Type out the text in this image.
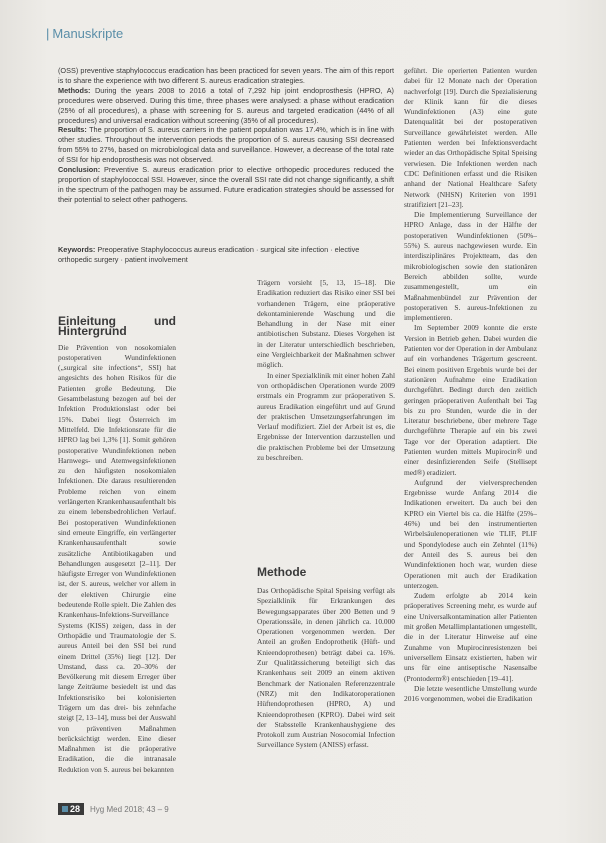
| Manuskripte

(OSS) preventive staphylococcus eradication has been practiced for seven years. The aim of this report is to share the experience with two different S. aureus eradication strategies.

Methods: During the years 2008 to 2016 a total of 7,292 hip joint endoprosthesis (HPRO, A) procedures were observed. During this time, three phases were analysed: a phase without eradication (25% of all procedures), a phase with screening for S. aureus and targeted eradication (44% of all procedures) and universal eradication without screening (35% of all procedures).

Results: The proportion of S. aureus carriers in the patient population was 17.4%, which is in line with other studies. Throughout the intervention periods the proportion of S. aureus causing SSI decreased from 55% to 27%, based on microbiological data and surveillance. However, a decrease of the total rate of SSI for hip endoprosthesis was not observed.

Conclusion: Preventive S. aureus eradication prior to elective orthopedic procedures reduced the proportion of staphylococcal SSI. However, since the overall SSI rate did not change significantly, a shift in the spectrum of the pathogen may be assumed. Future eradication strategies should be assessed for their potential to select other pathogens.

Keywords: Preoperative Staphylococcus aureus eradication · surgical site infection · elective orthopedic surgery · patient involvement
Einleitung und Hintergrund

Die Prävention von nosokomialen postoperativen Wundinfektionen („surgical site infections“, SSI) hat angesichts des hohen Risikos für die Patienten große Bedeutung. Die Gesamtbelastung bezogen auf bei der Infektion Produktionslast oder bei 15%. Dabei liegt Österreich im Mittelfeld. Die Infektionsrate für die HPRO lag bei 1,3% [1]. Somit gehören postoperative Wundinfektionen neben Harnwegs- und Atemwegsinfektionen zu den häufigsten nosokomialen Infektionen. Die daraus resultierenden Probleme reichen von einem verlängerten Krankenhausaufenthalt bis zu einem lebensbedrohlichen Verlauf. Bei postoperativen Wundinfektionen sind erneute Eingriffe, ein verlängerter Krankenhausaufenthalt sowie zusätzliche Antibiotikagaben und Behandlungen ausgesetzt [2–11]. Der häufigste Erreger von Wundinfektionen ist, der S. aureus, welcher vor allem in der elektiven Chirurgie eine bedeutende Rolle spielt. Die Zahlen des Krankenhaus-Infektions-Surveillance Systems (KISS) zeigen, dass in der Orthopädie und Traumatologie der S. aureus Anteil bei den SSI bei rund einem Drittel (35%) liegt [12]. Der Umstand, dass ca. 20–30% der Bevölkerung mit diesem Erreger über lange Zeiträume besiedelt ist und das Infektionsrisiko bei kolonisierten Trägern um das drei- bis zehnfache steigt [2, 13–14], muss bei der Auswahl von präventiven Maßnahmen berücksichtigt werden. Eine dieser Maßnahmen ist die präoperative Eradikation, die die intranasale Reduktion von S. aureus bei bekannten

Trägern vorsieht [5, 13, 15–18]. Die Eradikation reduziert das Risiko einer SSI bei vorhandenen Trägern, eine präoperative dekontaminierende Waschung und die Behandlung in der Nase mit einer antibiotischen Substanz. Dieses Vorgehen ist in der Literatur unterschiedlich beschrieben, eine Vergleichbarkeit der Maßnahmen schwer möglich.

In einer Spezialklinik mit einer hohen Zahl von orthopädischen Operationen wurde 2009 erstmals ein Programm zur präoperativen S. aureus Eradikation eingeführt und auf Grund der praktischen Umsetzungserfahrungen im Verlauf modifiziert. Ziel der Arbeit ist es, die Ergebnisse der Intervention darzustellen und die praktischen Probleme bei der Umsetzung zu beschreiben.

Methode

Das Orthopädische Spital Speising verfügt als Spezialklinik für Erkrankungen des Bewegungsapparates über 200 Betten und 9 Operationssäle, in denen jährlich ca. 10.000 Operationen vorgenommen werden. Der Anteil an großen Endoprothetik (Hüft- und Knieendoprothesen) beträgt dabei ca. 16%. Zur Qualitätssicherung beteiligt sich das Krankenhaus seit 2009 an einem aktiven Benchmark der Nationalen Referenzzentrale (NRZ) mit den Indikatoroperationen Hüftendoprothesen (HPRO, A) und Knieendoprothesen (KPRO). Dabei wird seit der Stabsstelle Krankenhaushygiene des Protokoll zum Austrian Nosocomial Infection Surveillance System (ANISS) erfasst.

geführt. Die operierten Patienten wurden dabei für 12 Monate nach der Operation nachverfolgt [19]. Durch die Spezialisierung der Klinik kann für die dieses Wundinfektionen (A3) eine gute Datenqualität bei der postoperativen Surveillance gewährleistet werden. Alle Patienten werden bei Infektionsverdacht wieder an das Orthopädische Spital Speising verwiesen. Die Infektionen werden nach CDC Definitionen erfasst und die Risiken anhand der National Healthcare Safety Network (NHSN) Kriterien von 1991 stratifiziert [21–23].

Die Implementierung Surveillance der HPRO Anlage, dass in der Hälfte der postoperativen Wundinfektionen (50%–55%) S. aureus nachgewiesen wurde. Ein interdisziplinäres Projektteam, das den mikrobiologischen sowie den stationären Bereich abbilden sollte, wurde zusammengestellt, um ein Maßnahmenbündel zur Prävention der postoperativen S. aureus-Infektionen zu implementieren.

Im September 2009 konnte die erste Version in Betrieb gehen. Dabei wurden die Patienten vor der Operation in der Ambulanz auf ein vorhandenes Trägertum gescreent. Bei einem positiven Ergebnis wurde bei der stationären Aufnahme eine Eradikation durchgeführt. Bedingt durch den zeitlich geringen präoperativen Aufenthalt bei Tag bis zu pro Stunden, wurde die in der Literatur beschriebene, über mehrere Tage durchgeführte Therapie auf ein bis zwei Tage vor der Operation adaptiert. Die Patienten wurden mittels Mupirocin® und einer desinfizierenden Seife (Stellisept med®) eradiziert.

Aufgrund der vielversprechenden Ergebnisse wurde Anfang 2014 die Indikationen erweitert. Da auch bei den KPRO ein Viertel bis ca. die Hälfte (25%–46%) und bei den instrumentierten Wirbelsäulenoperationen wie TLIF, PLIF und Spondylodese auch ein Zehntel (11%) der Anteil des S. aureus bei den Wundinfektionen hoch war, wurden diese Operationen mit auch der Eradikation unterzogen.

Zudem erfolgte ab 2014 kein präoperatives Screening mehr, es wurde auf eine Universalkontamination aller Patienten mit großen Metallimplantationen umgestellt, die in der Literatur Hinweise auf eine Zunahme von Mupirocinresistenzen bei universellem Einsatz existierten, haben wir uns für eine antiseptische Nasensalbe (Prontoderm®) entschieden [19–41].

Die letzte wesentliche Umstellung wurde 2016 vorgenommen, wobei die Eradikation

28	Hyg Med 2018; 43 – 9
